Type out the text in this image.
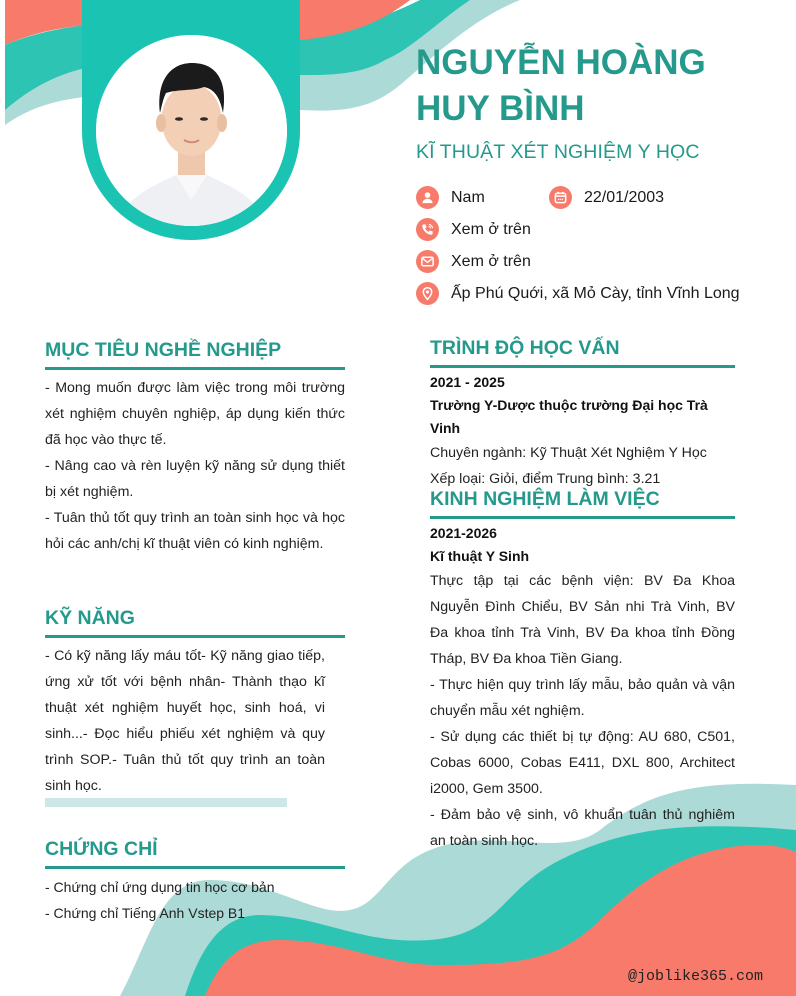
NGUYỄN HOÀNG
HUY BÌNH
KĨ THUẬT XÉT NGHIỆM Y HỌC
Nam	22/01/2003
Xem ở trên
Xem ở trên
Ấp Phú Quới, xã Mỏ Cày, tỉnh Vĩnh Long
MỤC TIÊU NGHỀ NGHIỆP

- Mong muốn được làm việc trong môi trường xét nghiệm chuyên nghiệp, áp dụng kiến thức đã học vào thực tế.

- Nâng cao và rèn luyện kỹ năng sử dụng thiết bị xét nghiệm.

- Tuân thủ tốt quy trình an toàn sinh học và học hỏi các anh/chị kĩ thuật viên có kinh nghiệm.

KỸ NĂNG
- Có kỹ năng lấy máu tốt- Kỹ năng giao tiếp, ứng xử tốt với bệnh nhân- Thành thạo kĩ thuật xét nghiệm huyết học, sinh hoá, vi sinh...- Đọc hiểu phiếu xét nghiệm và quy trình SOP.- Tuân thủ tốt quy trình an toàn sinh học.
CHỨNG CHỈ
- Chứng chỉ ứng dụng tin học cơ bản
- Chứng chỉ Tiếng Anh Vstep B1
TRÌNH ĐỘ HỌC VẤN
2021 - 2025
Trường Y-Dược thuộc trường Đại học Trà Vinh
Chuyên ngành: Kỹ Thuật Xét Nghiệm Y Học
Xếp loại: Giỏi, điểm Trung bình: 3.21
KINH NGHIỆM LÀM VIỆC
2021-2026
Kĩ thuật Y Sinh

Thực tập tại các bệnh viện: BV Đa Khoa Nguyễn Đình Chiểu, BV Sản nhi Trà Vinh, BV Đa khoa tỉnh Trà Vinh, BV Đa khoa tỉnh Đồng Tháp, BV Đa khoa Tiền Giang.

- Thực hiện quy trình lấy mẫu, bảo quản và vận chuyển mẫu xét nghiệm.

- Sử dụng các thiết bị tự động: AU 680, C501, Cobas 6000, Cobas E411, DXL 800, Architect i2000, Gem 3500.

- Đảm bảo vệ sinh, vô khuẩn tuân thủ nghiêm an toàn sinh học.

@joblike365.com
